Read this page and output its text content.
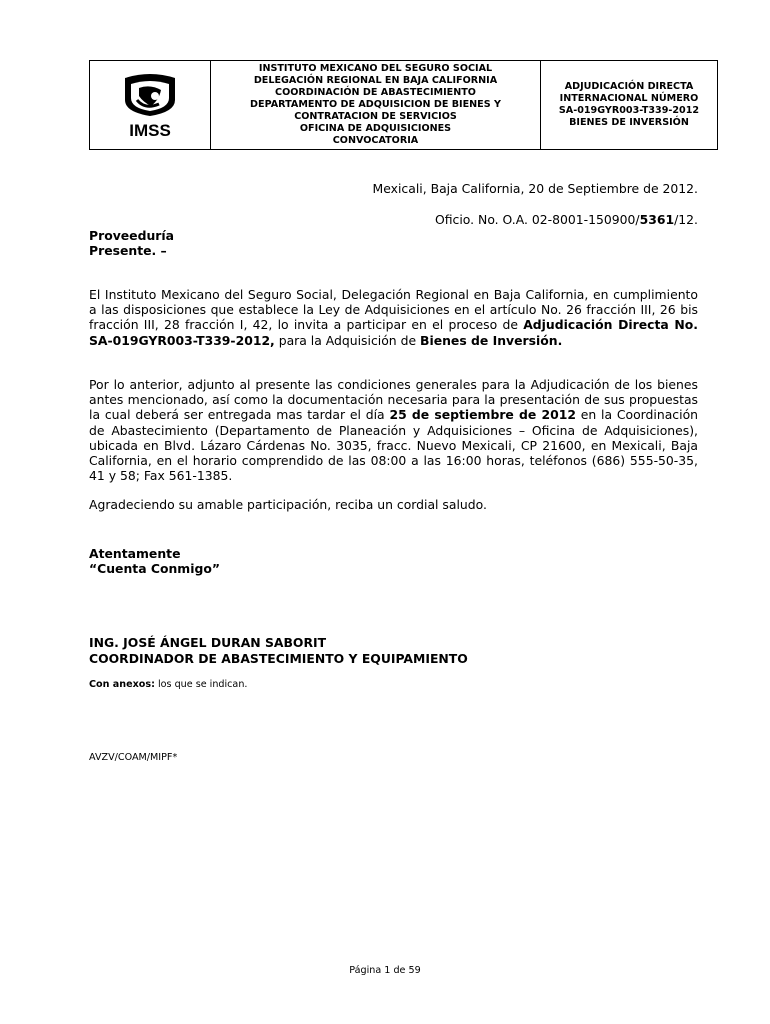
IMSS
INSTITUTO MEXICANO DEL SEGURO SOCIAL
DELEGACIÓN REGIONAL EN BAJA CALIFORNIA
COORDINACIÓN DE ABASTECIMIENTO
DEPARTAMENTO DE ADQUISICION DE BIENES Y
CONTRATACION DE SERVICIOS
OFICINA DE ADQUISICIONES
CONVOCATORIA
ADJUDICACIÓN DIRECTA
INTERNACIONAL NÚMERO
SA-019GYR003-T339-2012
BIENES DE INVERSIÓN
Mexicali, Baja California, 20 de Septiembre de 2012.
Oficio. No. O.A. 02-8001-150900/5361/12.
Proveeduría
Presente. –
El Instituto Mexicano del Seguro Social, Delegación Regional en Baja California, en cumplimiento a las disposiciones que establece la Ley de Adquisiciones en el artículo No. 26 fracción III, 26 bis fracción III, 28 fracción I, 42, lo invita a participar en el proceso de Adjudicación Directa No. SA-019GYR003-T339-2012, para la Adquisición de Bienes de Inversión.
Por lo anterior, adjunto al presente las condiciones generales para la Adjudicación de los bienes antes mencionado, así como la documentación necesaria para la presentación de sus propuestas la cual deberá ser entregada mas tardar el día 25 de septiembre de 2012 en la Coordinación de Abastecimiento (Departamento de Planeación y Adquisiciones – Oficina de Adquisiciones), ubicada en Blvd. Lázaro Cárdenas No. 3035, fracc. Nuevo Mexicali, CP 21600, en Mexicali, Baja California, en el horario comprendido de las 08:00 a las 16:00 horas, teléfonos (686) 555-50-35, 41 y 58; Fax 561-1385.
Agradeciendo su amable participación, reciba un cordial saludo.
Atentamente
“Cuenta Conmigo”
ING. JOSÉ ÁNGEL DURAN SABORIT
COORDINADOR DE ABASTECIMIENTO Y EQUIPAMIENTO
Con anexos: los que se indican.
AVZV/COAM/MIPF*
Página 1 de 59
